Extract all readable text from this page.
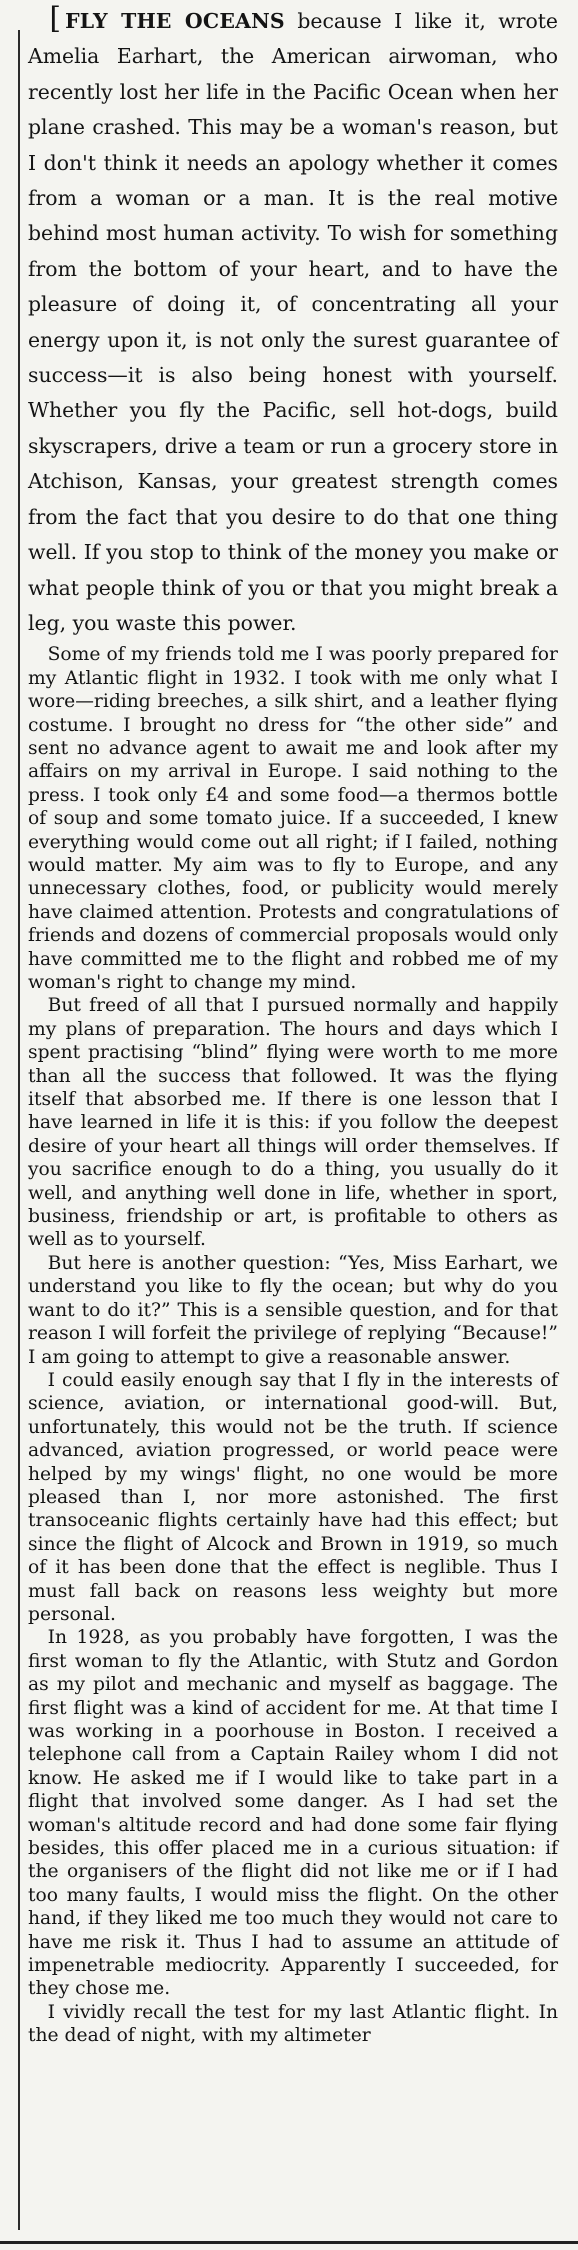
[ FLY THE OCEANS because I like it, wrote Amelia Earhart, the American airwoman, who recently lost her life in the Pacific Ocean when her plane crashed. This may be a woman's reason, but I don't think it needs an apology whether it comes from a woman or a man. It is the real motive behind most human activity. To wish for something from the bottom of your heart, and to have the pleasure of doing it, of concentrating all your energy upon it, is not only the surest guarantee of success—it is also being honest with yourself. Whether you fly the Pacific, sell hot-dogs, build skyscrapers, drive a team or run a grocery store in Atchison, Kansas, your greatest strength comes from the fact that you desire to do that one thing well. If you stop to think of the money you make or what people think of you or that you might break a leg, you waste this power.

Some of my friends told me I was poorly prepared for my Atlantic flight in 1932. I took with me only what I wore—riding breeches, a silk shirt, and a leather flying costume. I brought no dress for “the other side” and sent no advance agent to await me and look after my affairs on my arrival in Europe. I said nothing to the press. I took only £4 and some food—a thermos bottle of soup and some tomato juice. If a succeeded, I knew everything would come out all right; if I failed, nothing would matter. My aim was to fly to Europe, and any unnecessary clothes, food, or publicity would merely have claimed attention. Protests and congratulations of friends and dozens of commercial proposals would only have committed me to the flight and robbed me of my woman's right to change my mind.

But freed of all that I pursued normally and happily my plans of preparation. The hours and days which I spent practising “blind” flying were worth to me more than all the success that followed. It was the flying itself that absorbed me. If there is one lesson that I have learned in life it is this: if you follow the deepest desire of your heart all things will order themselves. If you sacrifice enough to do a thing, you usually do it well, and anything well done in life, whether in sport, business, friendship or art, is profitable to others as well as to yourself.

But here is another question: “Yes, Miss Earhart, we understand you like to fly the ocean; but why do you want to do it?” This is a sensible question, and for that reason I will forfeit the privilege of replying “Because!” I am going to attempt to give a reasonable answer.

I could easily enough say that I fly in the interests of science, aviation, or international good-will. But, unfortunately, this would not be the truth. If science advanced, aviation progressed, or world peace were helped by my wings' flight, no one would be more pleased than I, nor more astonished. The first transoceanic flights certainly have had this effect; but since the flight of Alcock and Brown in 1919, so much of it has been done that the effect is neglible. Thus I must fall back on reasons less weighty but more personal.

In 1928, as you probably have forgotten, I was the first woman to fly the Atlantic, with Stutz and Gordon as my pilot and mechanic and myself as baggage. The first flight was a kind of accident for me. At that time I was working in a poorhouse in Boston. I received a telephone call from a Captain Railey whom I did not know. He asked me if I would like to take part in a flight that involved some danger. As I had set the woman's altitude record and had done some fair flying besides, this offer placed me in a curious situation: if the organisers of the flight did not like me or if I had too many faults, I would miss the flight. On the other hand, if they liked me too much they would not care to have me risk it. Thus I had to assume an attitude of impenetrable mediocrity. Apparently I succeeded, for they chose me.

I vividly recall the test for my last Atlantic flight. In the dead of night, with my altimeter
